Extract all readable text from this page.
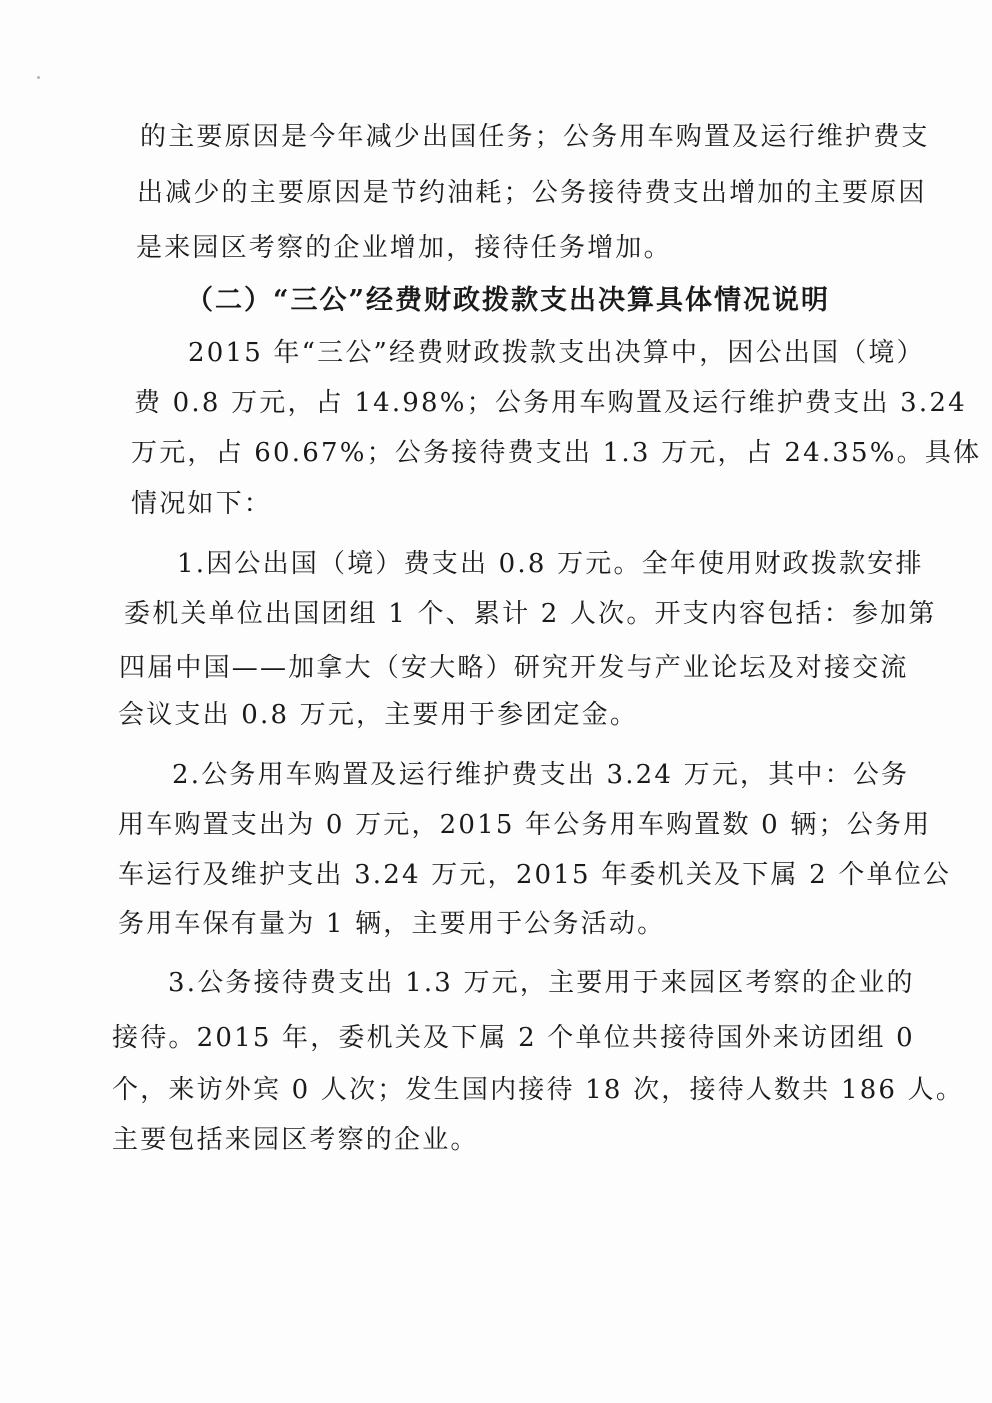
的主要原因是今年减少出国任务；公务用车购置及运行维护费支
出减少的主要原因是节约油耗；公务接待费支出增加的主要原因
是来园区考察的企业增加，接待任务增加。
（二）“三公”经费财政拨款支出决算具体情况说明
2015 年“三公”经费财政拨款支出决算中，因公出国（境）
费 0.8 万元，占 14.98%；公务用车购置及运行维护费支出 3.24
万元，占 60.67%；公务接待费支出 1.3 万元，占 24.35%。具体
情况如下：
1.因公出国（境）费支出 0.8 万元。全年使用财政拨款安排
委机关单位出国团组 1 个、累计 2 人次。开支内容包括：参加第
四届中国——加拿大（安大略）研究开发与产业论坛及对接交流
会议支出 0.8 万元，主要用于参团定金。
2.公务用车购置及运行维护费支出 3.24 万元，其中：公务
用车购置支出为 0 万元，2015 年公务用车购置数 0 辆；公务用
车运行及维护支出 3.24 万元，2015 年委机关及下属 2 个单位公
务用车保有量为 1 辆，主要用于公务活动。
3.公务接待费支出 1.3 万元，主要用于来园区考察的企业的
接待。2015 年，委机关及下属 2 个单位共接待国外来访团组 0
个，来访外宾 0 人次；发生国内接待 18 次，接待人数共 186 人。
主要包括来园区考察的企业。
